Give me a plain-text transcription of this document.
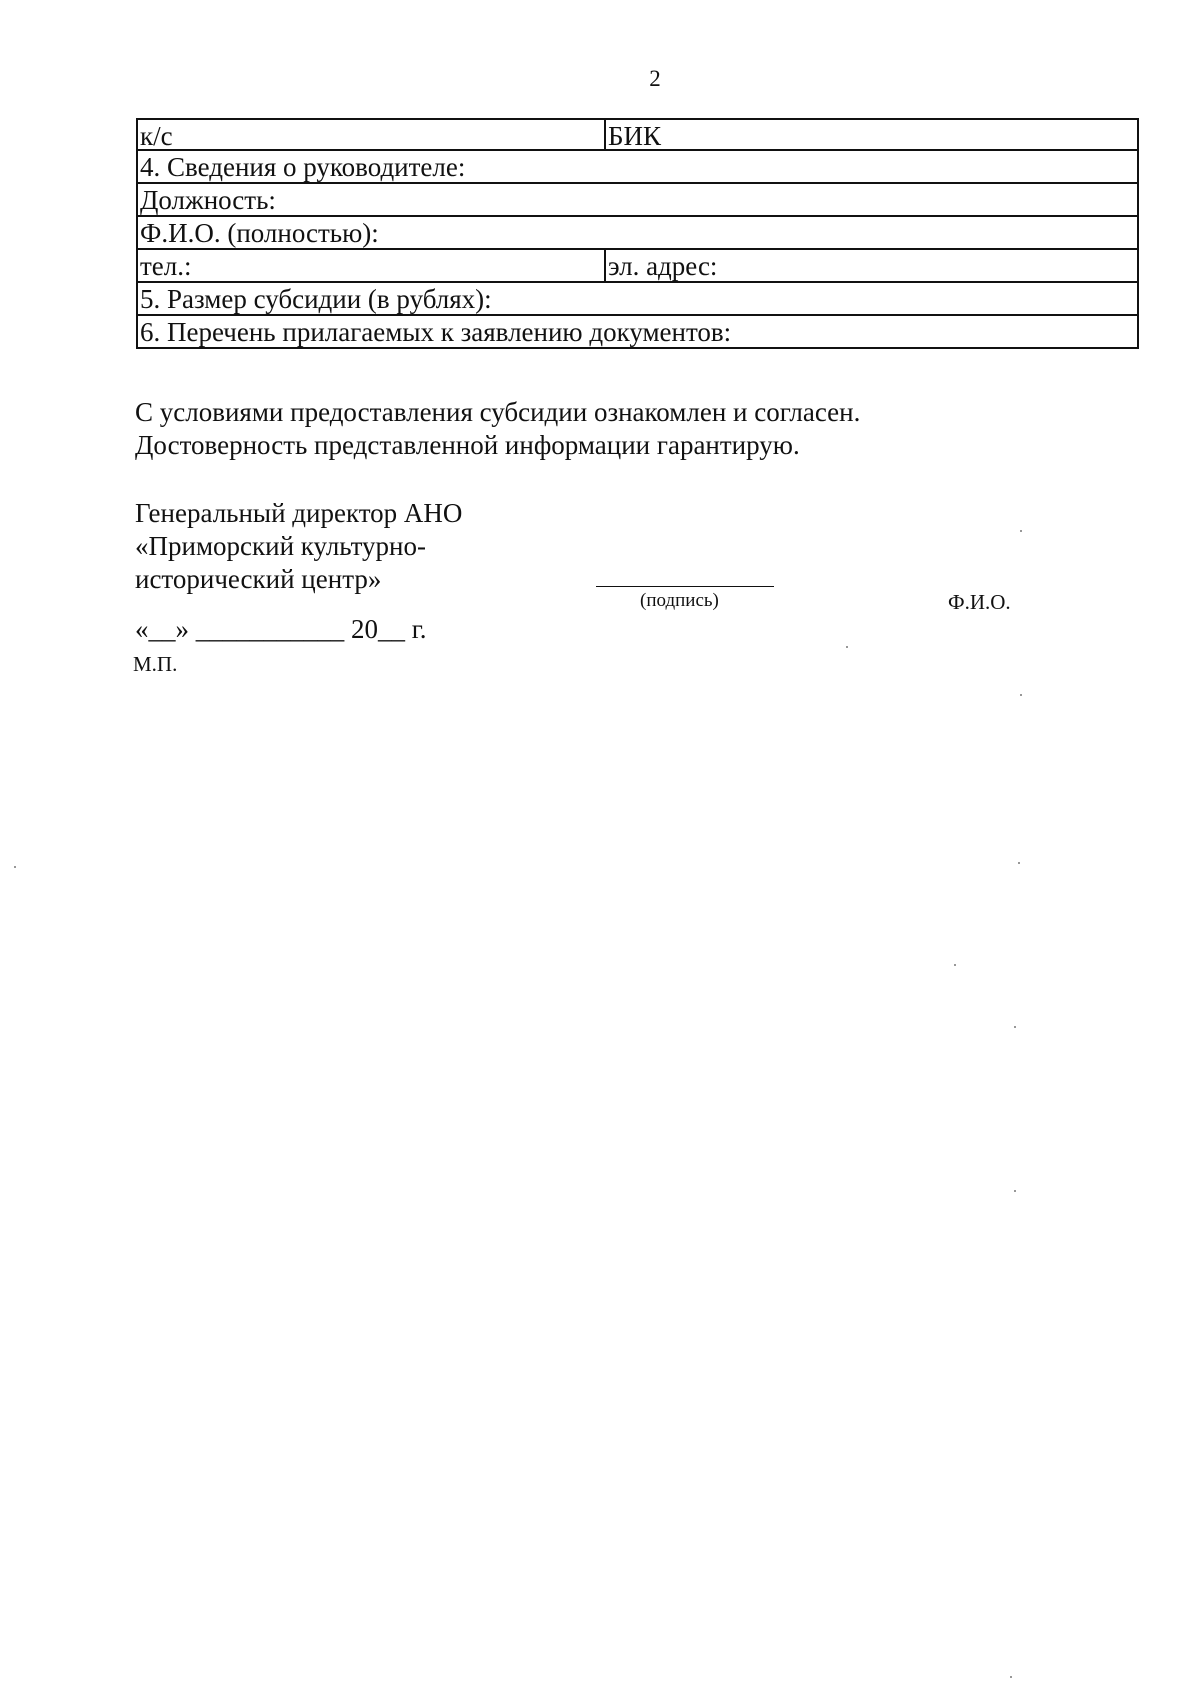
2
к/с	БИК
4. Сведения о руководителе:
Должность:
Ф.И.О. (полностью):
тел.:	эл. адрес:
5. Размер субсидии (в рублях):
6. Перечень прилагаемых к заявлению документов:
С условиями предоставления субсидии ознакомлен и согласен.
Достоверность представленной информации гарантирую.
Генеральный директор АНО
«Приморский культурно-
исторический центр»
(подпись)	Ф.И.О.
«__» ___________ 20__ г.
М.П.
